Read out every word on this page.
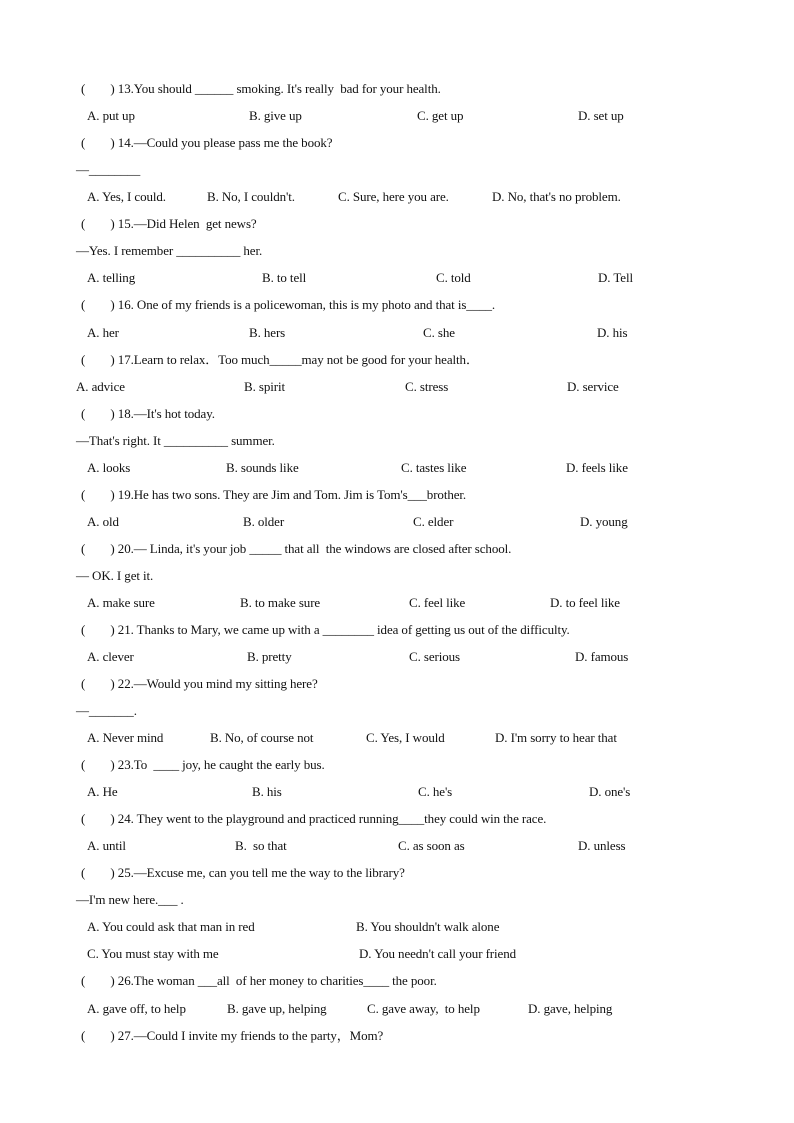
(        ) 13.You should ______ smoking. It's really  bad for your health.
A. put up	B. give up	C. get up	D. set up
(        ) 14.—Could you please pass me the book?
—________
A. Yes, I could.	B. No, I couldn't.	C. Sure, here you are.	D. No, that's no problem.
(        ) 15.—Did Helen  get news?
—Yes. I remember __________ her.
A. telling	B. to tell	C. told	D. Tell
(        ) 16. One of my friends is a policewoman, this is my photo and that is____.
A. her	B. hers	C. she	D. his
(        ) 17.Learn to relax．Too much_____may not be good for your health．
A. advice	B. spirit	C. stress	D. service
(        ) 18.—It's hot today.
—That's right. It __________ summer.
A. looks	B. sounds like	C. tastes like	D. feels like
(        ) 19.He has two sons. They are Jim and Tom. Jim is Tom's___brother.
A. old	B. older	C. elder	D. young
(        ) 20.— Linda, it's your job _____ that all  the windows are closed after school.
— OK. I get it.
A. make sure	B. to make sure	C. feel like	D. to feel like
(        ) 21. Thanks to Mary, we came up with a ________ idea of getting us out of the difficulty.
A. clever	B. pretty	C. serious	D. famous
(        ) 22.—Would you mind my sitting here?
—_______.
A. Never mind	B. No, of course not	C. Yes, I would	D. I'm sorry to hear that
(        ) 23.To  ____ joy, he caught the early bus.
A. He	B. his	C. he's	D. one's
(        ) 24. They went to the playground and practiced running____they could win the race.
A. until	B.  so that	C. as soon as	D. unless
(        ) 25.—Excuse me, can you tell me the way to the library?
—I'm new here.___ .
A. You could ask that man in red	B. You shouldn't walk alone
C. You must stay with me	D. You needn't call your friend
(        ) 26.The woman ___all  of her money to charities____ the poor.
A. gave off, to help	B. gave up, helping	C. gave away,  to help	D. gave, helping
(        ) 27.—Could I invite my friends to the party，Mom?
